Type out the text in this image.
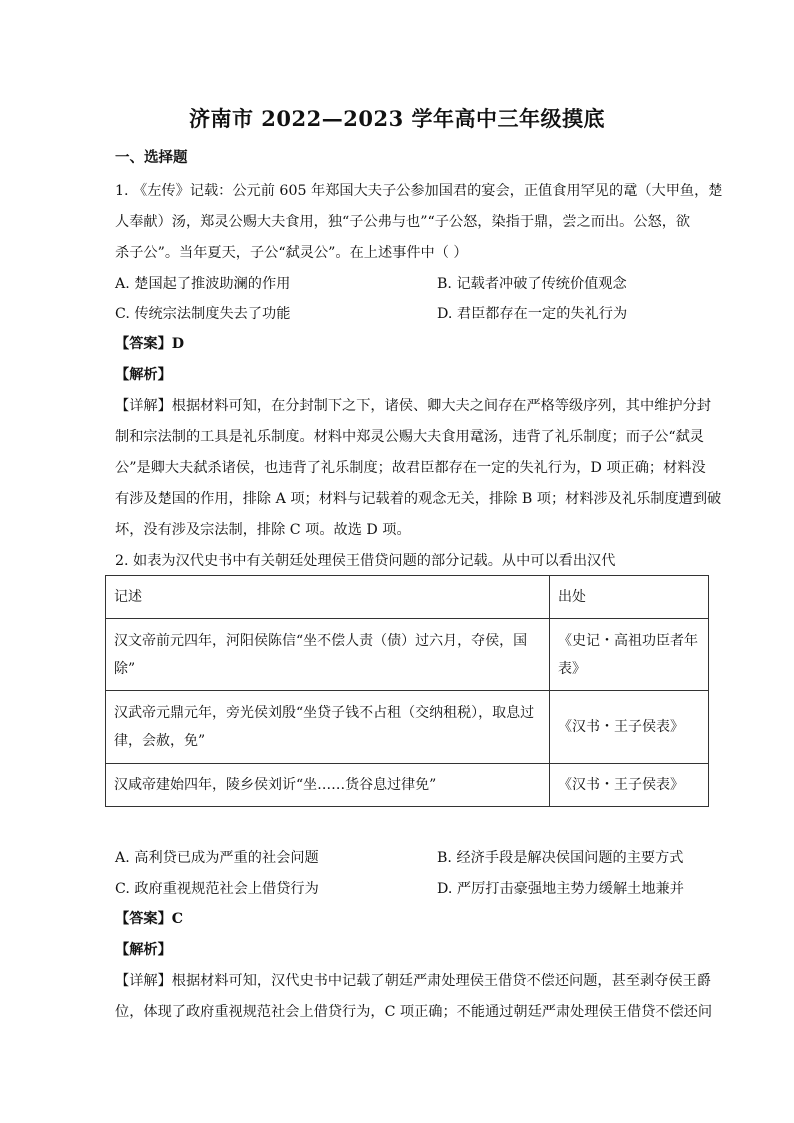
济南市 2022—2023 学年高中三年级摸底
一、选择题
1. 《左传》记载：公元前 605 年郑国大夫子公参加国君的宴会，正值食用罕见的鼋（大甲鱼，楚
人奉献）汤，郑灵公赐大夫食用，独“子公弗与也”“子公怒，染指于鼎，尝之而出。公怒，欲
杀子公”。当年夏天，子公“弑灵公”。在上述事件中（ ）
A. 楚国起了推波助澜的作用	B. 记载者冲破了传统价值观念
C. 传统宗法制度失去了功能	D. 君臣都存在一定的失礼行为
【答案】D
【解析】
【详解】根据材料可知，在分封制下之下，诸侯、卿大夫之间存在严格等级序列，其中维护分封
制和宗法制的工具是礼乐制度。材料中郑灵公赐大夫食用鼋汤，违背了礼乐制度；而子公“弑灵
公”是卿大夫弑杀诸侯，也违背了礼乐制度；故君臣都存在一定的失礼行为，D 项正确；材料没
有涉及楚国的作用，排除 A 项；材料与记载着的观念无关，排除 B 项；材料涉及礼乐制度遭到破
坏，没有涉及宗法制，排除 C 项。故选 D 项。
2. 如表为汉代史书中有关朝廷处理侯王借贷问题的部分记载。从中可以看出汉代
记述	出处
汉文帝前元四年，河阳侯陈信“坐不偿人责（债）过六月，夺侯，国除”	《史记・高祖功臣者年
表》
汉武帝元鼎元年，旁光侯刘殷“坐贷子钱不占租（交纳租税），取息过
律，会赦，免”	《汉书・王子侯表》
汉咸帝建始四年，陵乡侯刘䜣“坐……货谷息过律免”	《汉书・王子侯表》
A. 高利贷已成为严重的社会问题	B. 经济手段是解决侯国问题的主要方式
C. 政府重视规范社会上借贷行为	D. 严厉打击豪强地主势力缓解土地兼并
【答案】C
【解析】
【详解】根据材料可知，汉代史书中记载了朝廷严肃处理侯王借贷不偿还问题，甚至剥夺侯王爵
位，体现了政府重视规范社会上借贷行为，C 项正确；不能通过朝廷严肃处理侯王借贷不偿还问
